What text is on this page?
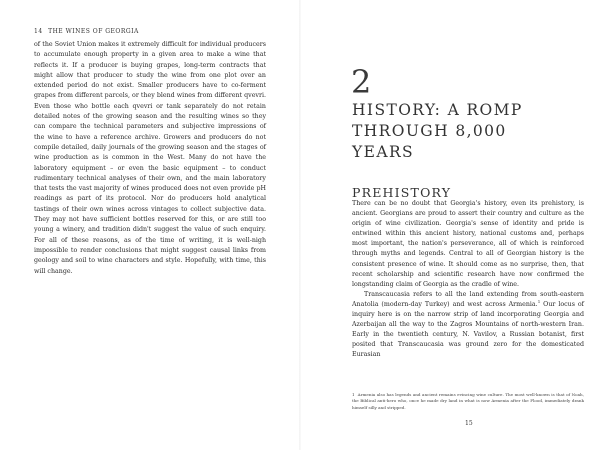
14 THE WINES OF GEORGIA
of the Soviet Union makes it extremely difficult for individual producers to accumulate enough property in a given area to make a wine that reflects it. If a producer is buying grapes, long-term contracts that might allow that producer to study the wine from one plot over an extended period do not exist. Smaller producers have to co-ferment grapes from different parcels, or they blend wines from different qvevri. Even those who bottle each qvevri or tank separately do not retain detailed notes of the growing season and the resulting wines so they can compare the technical parameters and subjective impressions of the wine to have a reference archive. Growers and producers do not compile detailed, daily journals of the growing season and the stages of wine production as is common in the West. Many do not have the laboratory equipment – or even the basic equipment – to conduct rudimentary technical analyses of their own, and the main laboratory that tests the vast majority of wines produced does not even provide pH readings as part of its protocol. Nor do producers hold analytical tastings of their own wines across vintages to collect subjective data. They may not have sufficient bottles reserved for this, or are still too young a winery, and tradition didn't suggest the value of such enquiry. For all of these reasons, as of the time of writing, it is well-nigh impossible to render conclusions that might suggest causal links from geology and soil to wine characters and style. Hopefully, with time, this will change.
2
HISTORY: A ROMP THROUGH 8,000 YEARS
PREHISTORY

There can be no doubt that Georgia's history, even its prehistory, is ancient. Georgians are proud to assert their country and culture as the origin of wine civilization. Georgia's sense of identity and pride is entwined within this ancient history, national customs and, perhaps most important, the nation's perseverance, all of which is reinforced through myths and legends. Central to all of Georgian history is the consistent presence of wine. It should come as no surprise, then, that recent scholarship and scientific research have now confirmed the longstanding claim of Georgia as the cradle of wine.

Transcaucasia refers to all the land extending from south-eastern Anatolia (modern-day Turkey) and west across Armenia.$^1$ Our locus of inquiry here is on the narrow strip of land incorporating Georgia and Azerbaijan all the way to the Zagros Mountains of north-western Iran. Early in the twentieth century, N. Vavilov, a Russian botanist, first posited that Transcaucasia was ground zero for the domesticated Eurasian

1 Armenia also has legends and ancient remains evincing wine culture. The most well-known is that of Noah, the Biblical anti-hero who, once he made dry land in what is now Armenia after the Flood, immediately drank himself silly and stripped.
15
